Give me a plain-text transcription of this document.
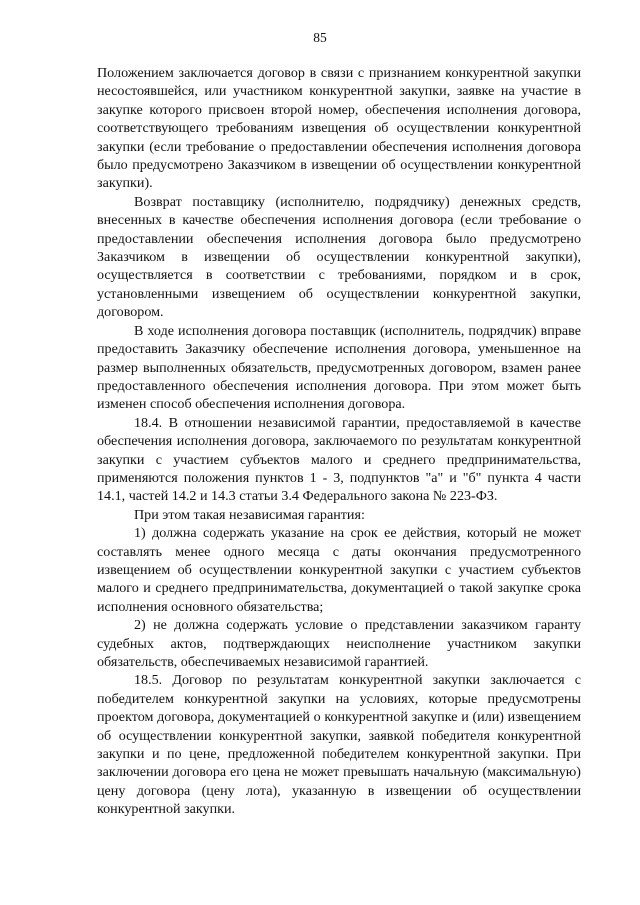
85

Положением заключается договор в связи с признанием конкурентной закупки несостоявшейся, или участником конкурентной закупки, заявке на участие в закупке которого присвоен второй номер, обеспечения исполнения договора, соответствующего требованиям извещения об осуществлении конкурентной закупки (если требование о предоставлении обеспечения исполнения договора было предусмотрено Заказчиком в извещении об осуществлении конкурентной закупки).

Возврат поставщику (исполнителю, подрядчику) денежных средств, внесенных в качестве обеспечения исполнения договора (если требование о предоставлении обеспечения исполнения договора было предусмотрено Заказчиком в извещении об осуществлении конкурентной закупки), осуществляется в соответствии с требованиями, порядком и в срок, установленными извещением об осуществлении конкурентной закупки, договором.

В ходе исполнения договора поставщик (исполнитель, подрядчик) вправе предоставить Заказчику обеспечение исполнения договора, уменьшенное на размер выполненных обязательств, предусмотренных договором, взамен ранее предоставленного обеспечения исполнения договора. При этом может быть изменен способ обеспечения исполнения договора.

18.4. В отношении независимой гарантии, предоставляемой в качестве обеспечения исполнения договора, заключаемого по результатам конкурентной закупки с участием субъектов малого и среднего предпринимательства, применяются положения пунктов 1 - 3, подпунктов "а" и "б" пункта 4 части 14.1, частей 14.2 и 14.3 статьи 3.4 Федерального закона № 223-ФЗ.

При этом такая независимая гарантия:

1) должна содержать указание на срок ее действия, который не может составлять менее одного месяца с даты окончания предусмотренного извещением об осуществлении конкурентной закупки с участием субъектов малого и среднего предпринимательства, документацией о такой закупке срока исполнения основного обязательства;

2) не должна содержать условие о представлении заказчиком гаранту судебных актов, подтверждающих неисполнение участником закупки обязательств, обеспечиваемых независимой гарантией.

18.5. Договор по результатам конкурентной закупки заключается с победителем конкурентной закупки на условиях, которые предусмотрены проектом договора, документацией о конкурентной закупке и (или) извещением об осуществлении конкурентной закупки, заявкой победителя конкурентной закупки и по цене, предложенной победителем конкурентной закупки. При заключении договора его цена не может превышать начальную (максимальную) цену договора (цену лота), указанную в извещении об осуществлении конкурентной закупки.
